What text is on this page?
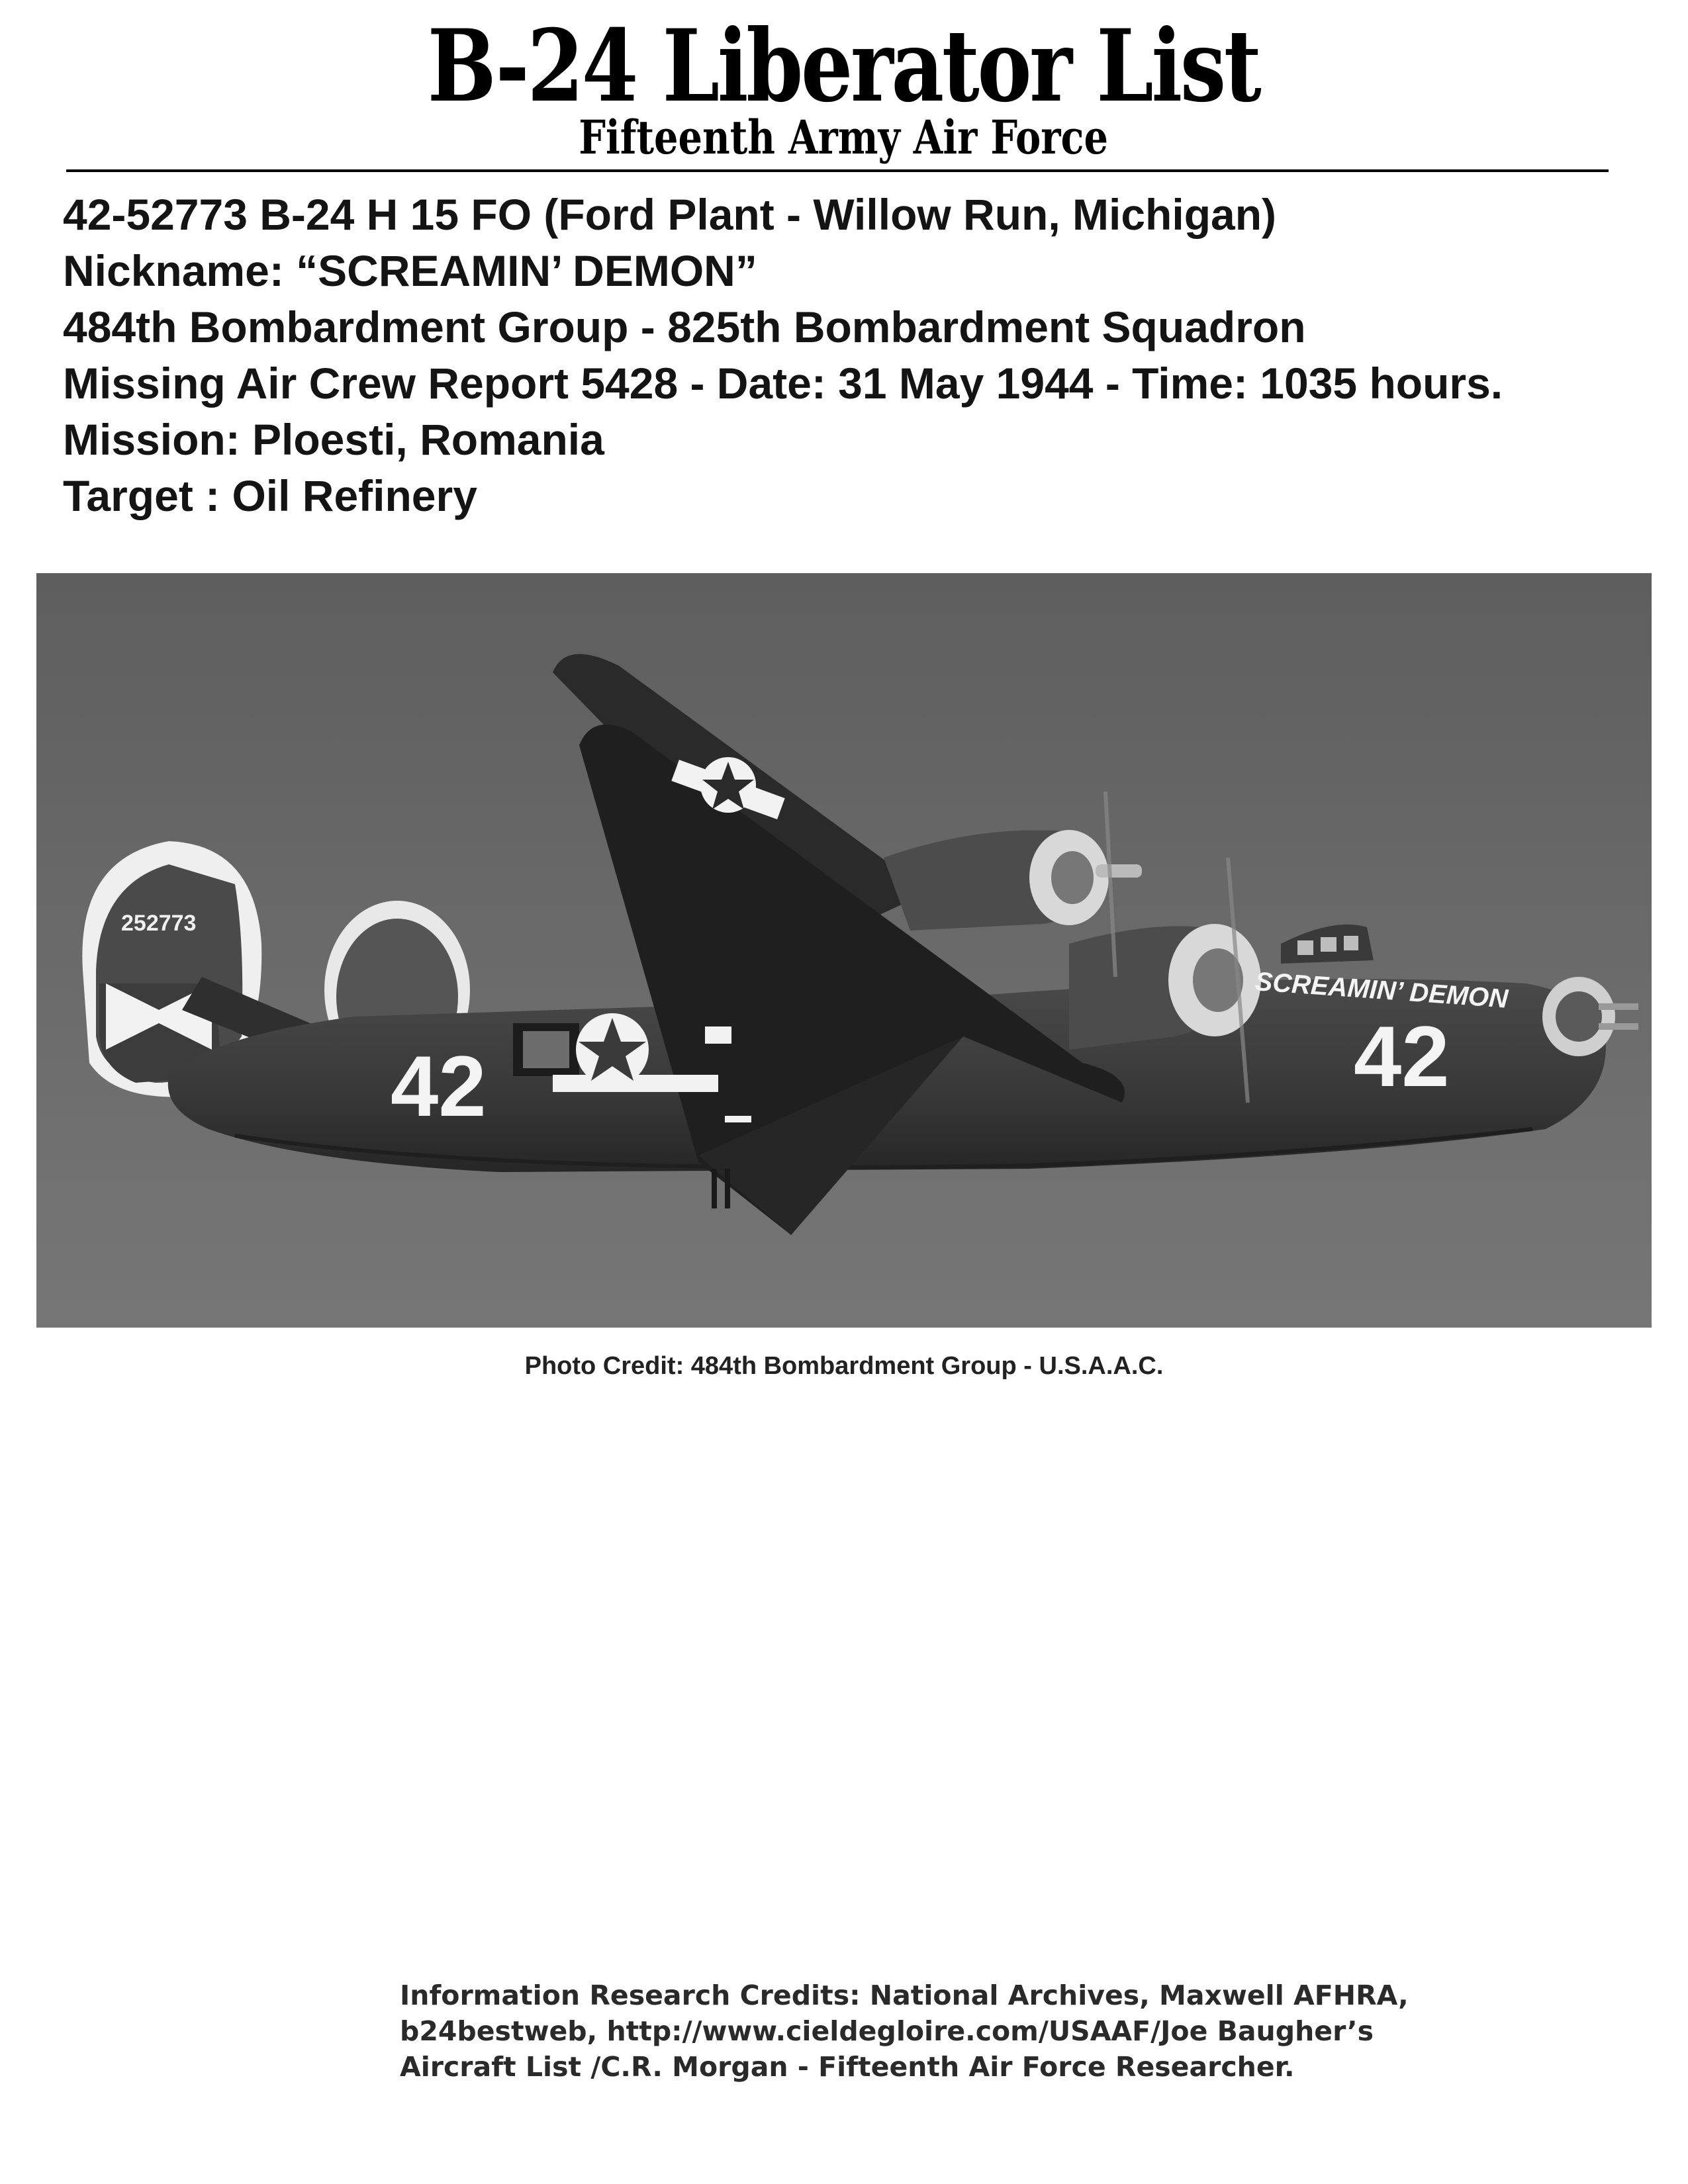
B-24 Liberator List
Fifteenth Army Air Force
42-52773 B-24 H 15 FO (Ford Plant - Willow Run, Michigan)
Nickname: “SCREAMIN’ DEMON”
484th Bombardment Group - 825th Bombardment Squadron
Missing Air Crew Report 5428 - Date: 31 May 1944 - Time: 1035 hours.
Mission: Ploesti, Romania
Target : Oil Refinery
252773
42	42
SCREAMIN’ DEMON
Photo Credit: 484th Bombardment Group - U.S.A.A.C.
Information Research Credits: National Archives, Maxwell AFHRA,
b24bestweb, http://www.cieldegloire.com/USAAF/Joe Baugher’s
Aircraft List /C.R. Morgan - Fifteenth Air Force Researcher.
